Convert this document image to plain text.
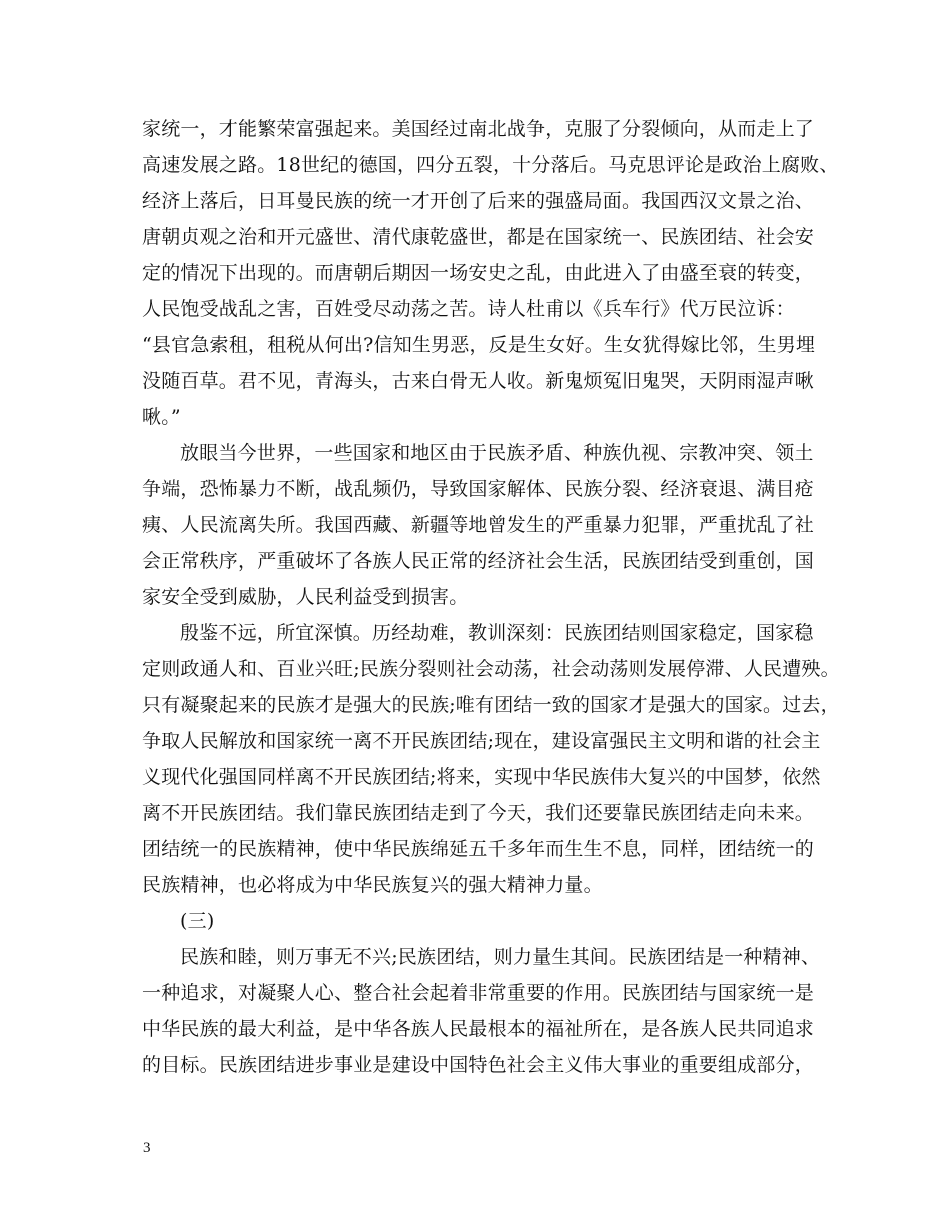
家统一，才能繁荣富强起来。美国经过南北战争，克服了分裂倾向，从而走上了
高速发展之路。18世纪的德国，四分五裂，十分落后。马克思评论是政治上腐败、
经济上落后，日耳曼民族的统一才开创了后来的强盛局面。我国西汉文景之治、
唐朝贞观之治和开元盛世、清代康乾盛世，都是在国家统一、民族团结、社会安
定的情况下出现的。而唐朝后期因一场安史之乱，由此进入了由盛至衰的转变，
人民饱受战乱之害，百姓受尽动荡之苦。诗人杜甫以《兵车行》代万民泣诉：
“县官急索租，租税从何出?信知生男恶，反是生女好。生女犹得嫁比邻，生男埋
没随百草。君不见，青海头，古来白骨无人收。新鬼烦冤旧鬼哭，天阴雨湿声啾
啾。”
放眼当今世界，一些国家和地区由于民族矛盾、种族仇视、宗教冲突、领土
争端，恐怖暴力不断，战乱频仍，导致国家解体、民族分裂、经济衰退、满目疮
痍、人民流离失所。我国西藏、新疆等地曾发生的严重暴力犯罪，严重扰乱了社
会正常秩序，严重破坏了各族人民正常的经济社会生活，民族团结受到重创，国
家安全受到威胁，人民利益受到损害。
殷鉴不远，所宜深慎。历经劫难，教训深刻：民族团结则国家稳定，国家稳
定则政通人和、百业兴旺;民族分裂则社会动荡，社会动荡则发展停滞、人民遭殃。
只有凝聚起来的民族才是强大的民族;唯有团结一致的国家才是强大的国家。过去，
争取人民解放和国家统一离不开民族团结;现在，建设富强民主文明和谐的社会主
义现代化强国同样离不开民族团结;将来，实现中华民族伟大复兴的中国梦，依然
离不开民族团结。我们靠民族团结走到了今天，我们还要靠民族团结走向未来。
团结统一的民族精神，使中华民族绵延五千多年而生生不息，同样，团结统一的
民族精神，也必将成为中华民族复兴的强大精神力量。
(三)
民族和睦，则万事无不兴;民族团结，则力量生其间。民族团结是一种精神、
一种追求，对凝聚人心、整合社会起着非常重要的作用。民族团结与国家统一是
中华民族的最大利益，是中华各族人民最根本的福祉所在，是各族人民共同追求
的目标。民族团结进步事业是建设中国特色社会主义伟大事业的重要组成部分，
3
